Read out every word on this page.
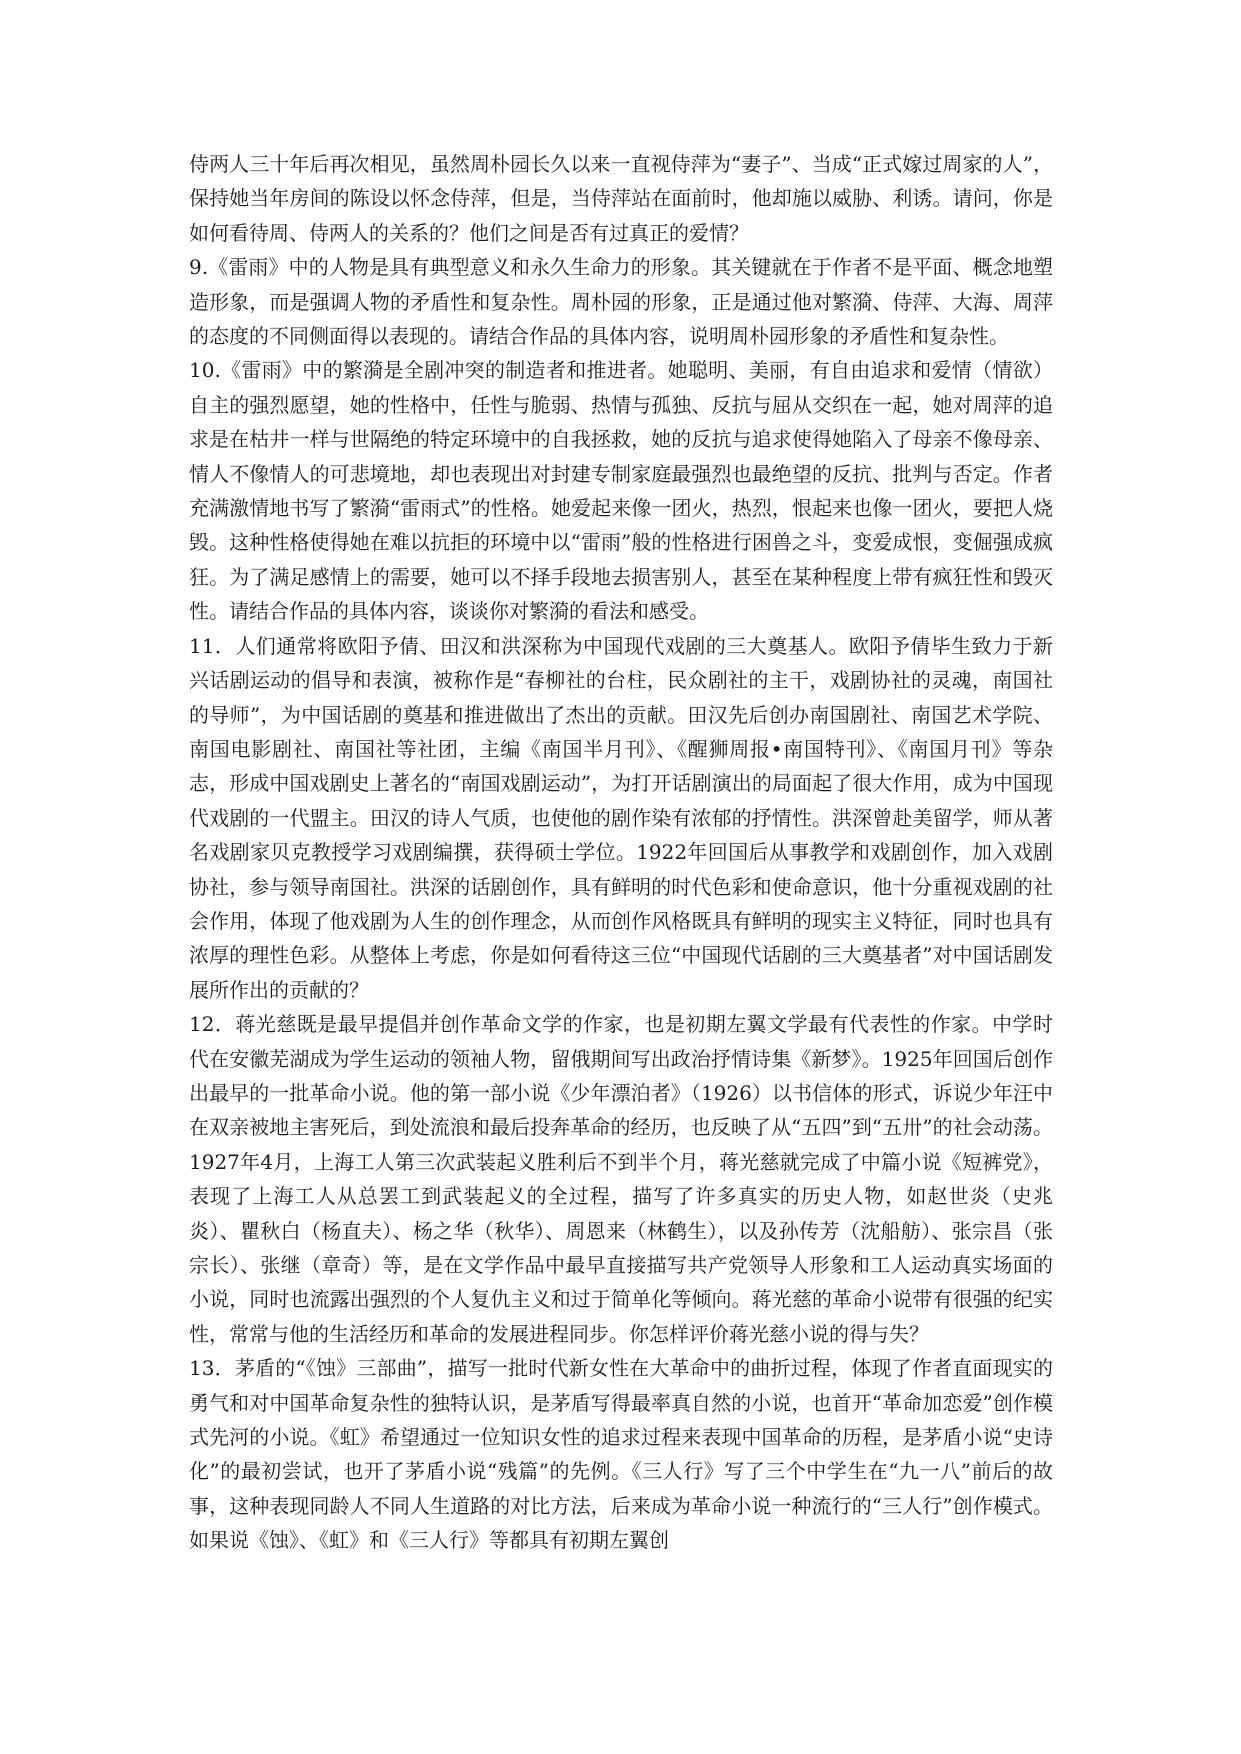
侍两人三十年后再次相见，虽然周朴园长久以来一直视侍萍为“妻子”、当成“正式嫁过周家的人”，保持她当年房间的陈设以怀念侍萍，但是，当侍萍站在面前时，他却施以威胁、利诱。请问，你是如何看待周、侍两人的关系的？他们之间是否有过真正的爱情？

9.《雷雨》中的人物是具有典型意义和永久生命力的形象。其关键就在于作者不是平面、概念地塑造形象，而是强调人物的矛盾性和复杂性。周朴园的形象，正是通过他对繁漪、侍萍、大海、周萍的态度的不同侧面得以表现的。请结合作品的具体内容，说明周朴园形象的矛盾性和复杂性。

10.《雷雨》中的繁漪是全剧冲突的制造者和推进者。她聪明、美丽，有自由追求和爱情（情欲）自主的强烈愿望，她的性格中，任性与脆弱、热情与孤独、反抗与屈从交织在一起，她对周萍的追求是在枯井一样与世隔绝的特定环境中的自我拯救，她的反抗与追求使得她陷入了母亲不像母亲、情人不像情人的可悲境地，却也表现出对封建专制家庭最强烈也最绝望的反抗、批判与否定。作者充满激情地书写了繁漪“雷雨式”的性格。她爱起来像一团火，热烈，恨起来也像一团火，要把人烧毁。这种性格使得她在难以抗拒的环境中以“雷雨”般的性格进行困兽之斗，变爱成恨，变倔强成疯狂。为了满足感情上的需要，她可以不择手段地去损害别人，甚至在某种程度上带有疯狂性和毁灭性。请结合作品的具体内容，谈谈你对繁漪的看法和感受。

11．人们通常将欧阳予倩、田汉和洪深称为中国现代戏剧的三大奠基人。欧阳予倩毕生致力于新兴话剧运动的倡导和表演，被称作是“春柳社的台柱，民众剧社的主干，戏剧协社的灵魂，南国社的导师”，为中国话剧的奠基和推进做出了杰出的贡献。田汉先后创办南国剧社、南国艺术学院、南国电影剧社、南国社等社团，主编《南国半月刊》、《醒狮周报•南国特刊》、《南国月刊》等杂志，形成中国戏剧史上著名的“南国戏剧运动”，为打开话剧演出的局面起了很大作用，成为中国现代戏剧的一代盟主。田汉的诗人气质，也使他的剧作染有浓郁的抒情性。洪深曾赴美留学，师从著名戏剧家贝克教授学习戏剧编撰，获得硕士学位。1922年回国后从事教学和戏剧创作，加入戏剧协社，参与领导南国社。洪深的话剧创作，具有鲜明的时代色彩和使命意识，他十分重视戏剧的社会作用，体现了他戏剧为人生的创作理念，从而创作风格既具有鲜明的现实主义特征，同时也具有浓厚的理性色彩。从整体上考虑，你是如何看待这三位“中国现代话剧的三大奠基者”对中国话剧发展所作出的贡献的？

12．蒋光慈既是最早提倡并创作革命文学的作家，也是初期左翼文学最有代表性的作家。中学时代在安徽芜湖成为学生运动的领袖人物，留俄期间写出政治抒情诗集《新梦》。1925年回国后创作出最早的一批革命小说。他的第一部小说《少年漂泊者》（1926）以书信体的形式，诉说少年汪中在双亲被地主害死后，到处流浪和最后投奔革命的经历，也反映了从“五四”到“五卅”的社会动荡。1927年4月，上海工人第三次武装起义胜利后不到半个月，蒋光慈就完成了中篇小说《短裤党》，表现了上海工人从总罢工到武装起义的全过程，描写了许多真实的历史人物，如赵世炎（史兆炎）、瞿秋白（杨直夫）、杨之华（秋华）、周恩来（林鹤生），以及孙传芳（沈船舫）、张宗昌（张宗长）、张继（章奇）等，是在文学作品中最早直接描写共产党领导人形象和工人运动真实场面的小说，同时也流露出强烈的个人复仇主义和过于简单化等倾向。蒋光慈的革命小说带有很强的纪实性，常常与他的生活经历和革命的发展进程同步。你怎样评价蒋光慈小说的得与失？

13．茅盾的“《蚀》三部曲”，描写一批时代新女性在大革命中的曲折过程，体现了作者直面现实的勇气和对中国革命复杂性的独特认识，是茅盾写得最率真自然的小说，也首开“革命加恋爱”创作模式先河的小说。《虹》希望通过一位知识女性的追求过程来表现中国革命的历程，是茅盾小说“史诗化”的最初尝试，也开了茅盾小说“残篇”的先例。《三人行》写了三个中学生在“九一八”前后的故事，这种表现同龄人不同人生道路的对比方法，后来成为革命小说一种流行的“三人行”创作模式。如果说《蚀》、《虹》和《三人行》等都具有初期左翼创
